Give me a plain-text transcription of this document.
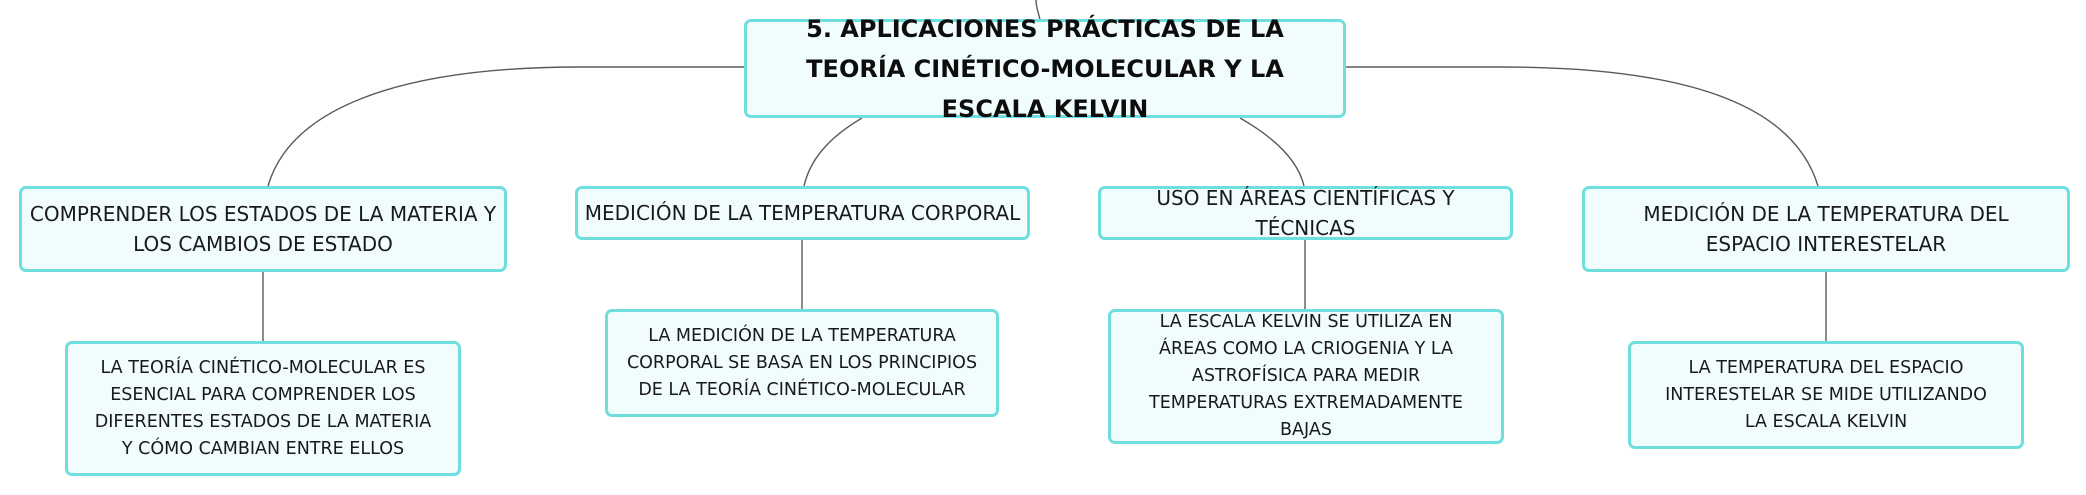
5. APLICACIONES PRÁCTICAS DE LA TEORÍA CINÉTICO-MOLECULAR Y LA ESCALA KELVIN
COMPRENDER LOS ESTADOS DE LA MATERIA Y LOS CAMBIOS DE ESTADO
MEDICIÓN DE LA TEMPERATURA CORPORAL
USO EN ÁREAS CIENTÍFICAS Y TÉCNICAS
MEDICIÓN DE LA TEMPERATURA DEL ESPACIO INTERESTELAR
LA TEORÍA CINÉTICO-MOLECULAR ES ESENCIAL PARA COMPRENDER LOS DIFERENTES ESTADOS DE LA MATERIA Y CÓMO CAMBIAN ENTRE ELLOS
LA MEDICIÓN DE LA TEMPERATURA CORPORAL SE BASA EN LOS PRINCIPIOS DE LA TEORÍA CINÉTICO-MOLECULAR
LA ESCALA KELVIN SE UTILIZA EN ÁREAS COMO LA CRIOGENIA Y LA ASTROFÍSICA PARA MEDIR TEMPERATURAS EXTREMADAMENTE BAJAS
LA TEMPERATURA DEL ESPACIO INTERESTELAR SE MIDE UTILIZANDO LA ESCALA KELVIN
